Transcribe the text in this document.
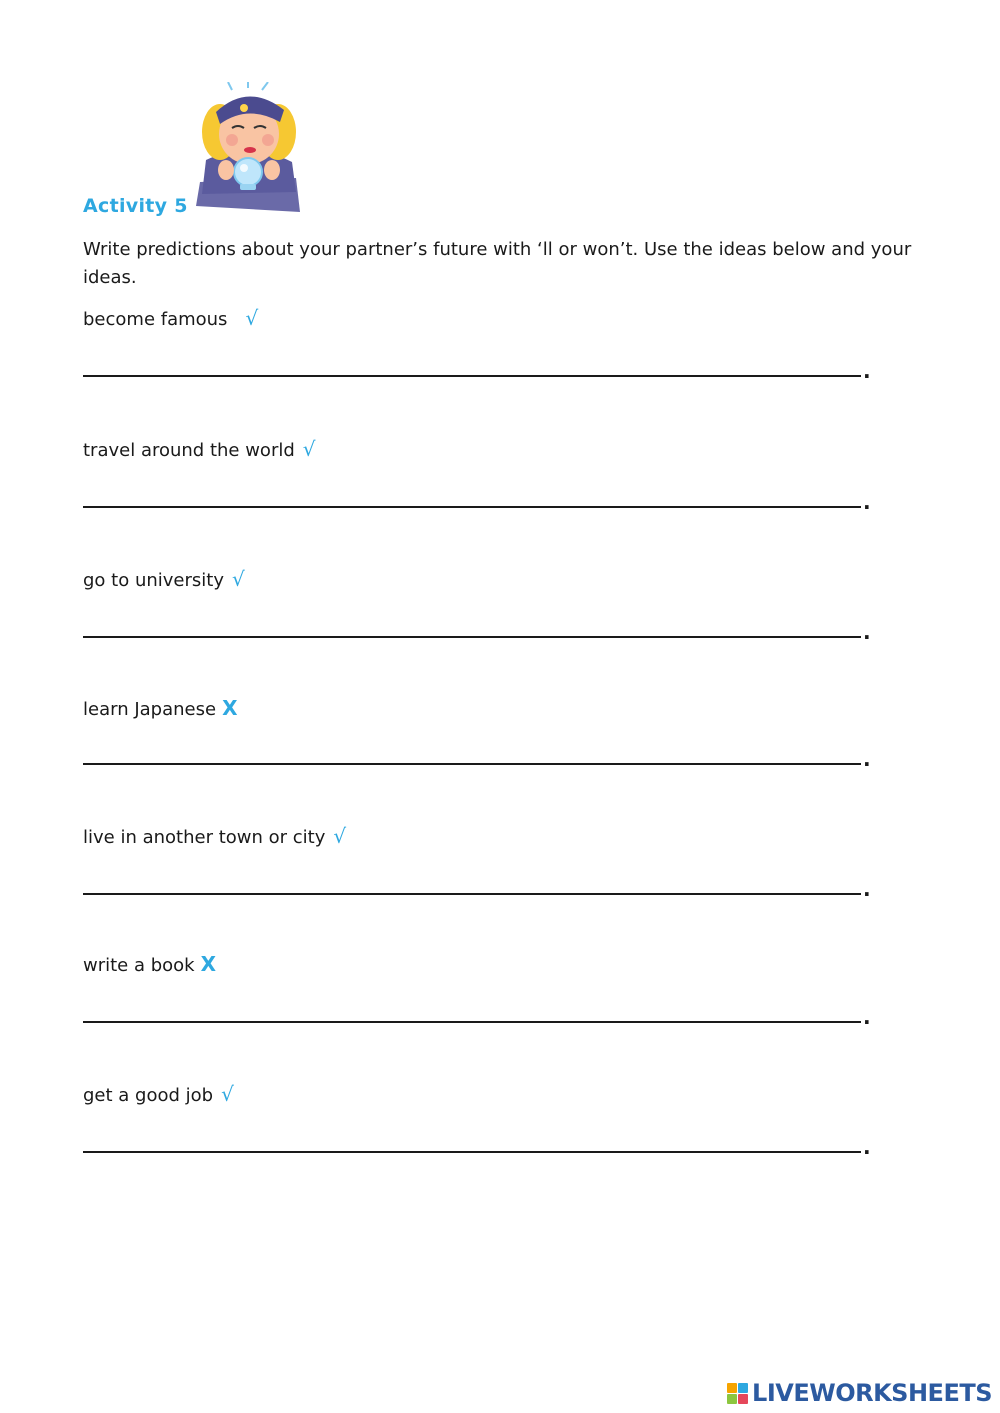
Activity 5
Write predictions about your partner’s future with ‘ll or won’t. Use the ideas below and your ideas.
become famous √
.
travel around the world √
.
go to university √
.
learn Japanese X
.
live in another town or city √
.
write a book X
.
get a good job √
.
LIVEWORKSHEETS
